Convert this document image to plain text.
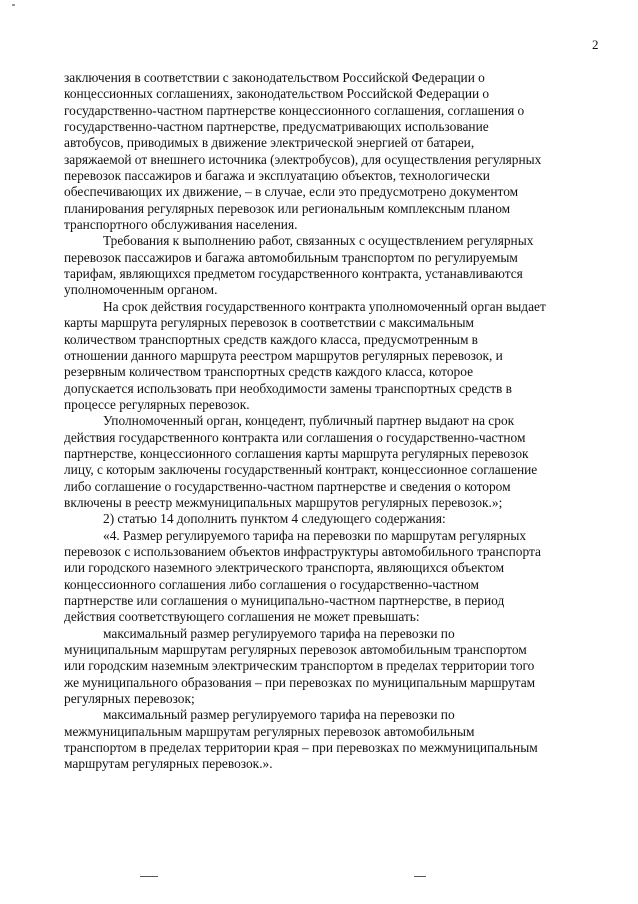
2

заключения в соответствии с законодательством Российской Федерации о
концессионных соглашениях, законодательством Российской Федерации о
государственно-частном партнерстве концессионного соглашения, соглашения о
государственно-частном партнерстве, предусматривающих использование
автобусов, приводимых в движение электрической энергией от батареи,
заряжаемой от внешнего источника (электробусов), для осуществления регулярных
перевозок пассажиров и багажа и эксплуатацию объектов, технологически
обеспечивающих их движение, – в случае, если это предусмотрено документом
планирования регулярных перевозок или региональным комплексным планом
транспортного обслуживания населения.

Требования к выполнению работ, связанных с осуществлением регулярных
перевозок пассажиров и багажа автомобильным транспортом по регулируемым
тарифам, являющихся предметом государственного контракта, устанавливаются
уполномоченным органом.

На срок действия государственного контракта уполномоченный орган выдает
карты маршрута регулярных перевозок в соответствии с максимальным
количеством транспортных средств каждого класса, предусмотренным в
отношении данного маршрута реестром маршрутов регулярных перевозок, и
резервным количеством транспортных средств каждого класса, которое
допускается использовать при необходимости замены транспортных средств в
процессе регулярных перевозок.

Уполномоченный орган, концедент, публичный партнер выдают на срок
действия государственного контракта или соглашения о государственно-частном
партнерстве, концессионного соглашения карты маршрута регулярных перевозок
лицу, с которым заключены государственный контракт, концессионное соглашение
либо соглашение о государственно-частном партнерстве и сведения о котором
включены в реестр межмуниципальных маршрутов регулярных перевозок.»;

2) статью 14 дополнить пунктом 4 следующего содержания:

«4. Размер регулируемого тарифа на перевозки по маршрутам регулярных
перевозок с использованием объектов инфраструктуры автомобильного транспорта
или городского наземного электрического транспорта, являющихся объектом
концессионного соглашения либо соглашения о государственно-частном
партнерстве или соглашения о муниципально-частном партнерстве, в период
действия соответствующего соглашения не может превышать:

максимальный размер регулируемого тарифа на перевозки по
муниципальным маршрутам регулярных перевозок автомобильным транспортом
или городским наземным электрическим транспортом в пределах территории того
же муниципального образования – при перевозках по муниципальным маршрутам
регулярных перевозок;

максимальный размер регулируемого тарифа на перевозки по
межмуниципальным маршрутам регулярных перевозок автомобильным
транспортом в пределах территории края – при перевозках по межмуниципальным
маршрутам регулярных перевозок.».
